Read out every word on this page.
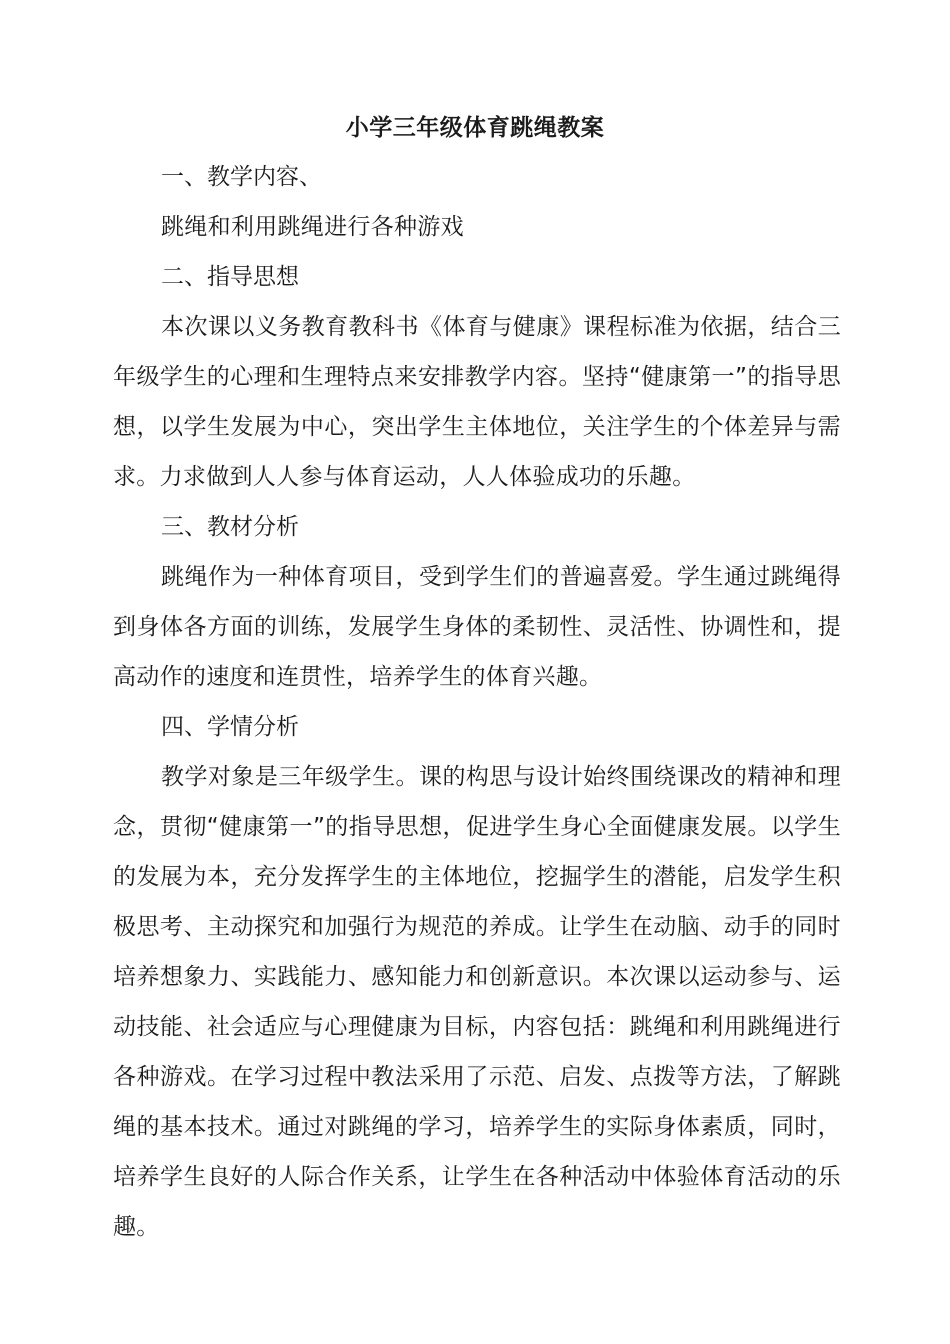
小学三年级体育跳绳教案

一、教学内容、

跳绳和利用跳绳进行各种游戏

二、指导思想

本次课以义务教育教科书《体育与健康》课程标准为依据，结合三年级学生的心理和生理特点来安排教学内容。坚持“健康第一”的指导思想，以学生发展为中心，突出学生主体地位，关注学生的个体差异与需求。力求做到人人参与体育运动，人人体验成功的乐趣。

三、教材分析

跳绳作为一种体育项目，受到学生们的普遍喜爱。学生通过跳绳得到身体各方面的训练，发展学生身体的柔韧性、灵活性、协调性和，提高动作的速度和连贯性，培养学生的体育兴趣。

四、学情分析

教学对象是三年级学生。课的构思与设计始终围绕课改的精神和理念，贯彻“健康第一”的指导思想，促进学生身心全面健康发展。以学生的发展为本，充分发挥学生的主体地位，挖掘学生的潜能，启发学生积极思考、主动探究和加强行为规范的养成。让学生在动脑、动手的同时培养想象力、实践能力、感知能力和创新意识。本次课以运动参与、运动技能、社会适应与心理健康为目标，内容包括：跳绳和利用跳绳进行各种游戏。在学习过程中教法采用了示范、启发、点拨等方法，了解跳绳的基本技术。通过对跳绳的学习，培养学生的实际身体素质，同时，培养学生良好的人际合作关系，让学生在各种活动中体验体育活动的乐趣。
